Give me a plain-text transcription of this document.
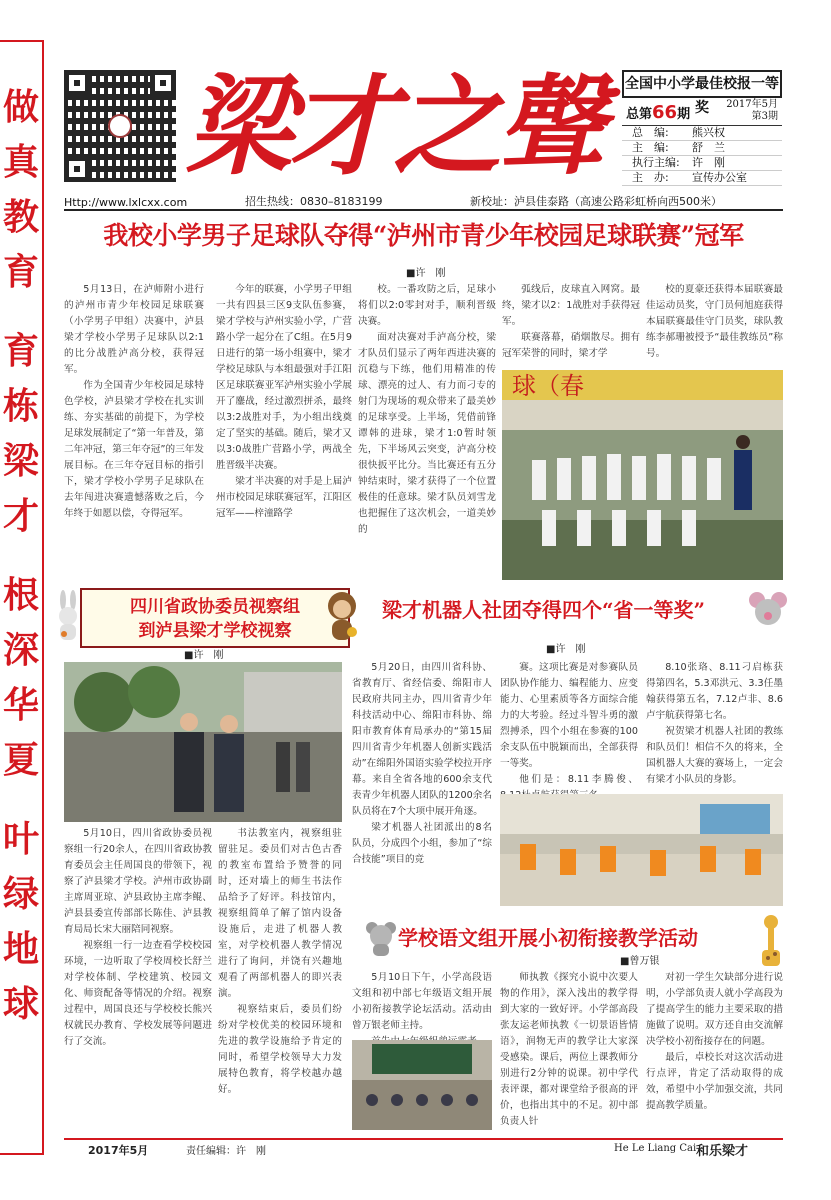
做
真
教
育
育
栋
梁
才
根
深
华
夏
叶
绿
地
球
Http://www.lxlcxx.com
梁才之聲	全国中小学最佳校报一等奖
总第66期
2017年5月
第3期
总　编:	熊兴权
主　编:	舒　兰
执行主编:	许　刚
主　办:	宣传办公室
招生热线：0830–8183199	新校址：泸县佳泰路（高速公路彩虹桥向西500米）
我校小学男子足球队夺得“泸州市青少年校园足球联赛”冠军
■许　刚

5月13日，在泸师附小进行的泸州市青少年校园足球联赛（小学男子甲组）决赛中，泸县梁才学校小学男子足球队以2:1的比分战胜泸高分校，获得冠军。

作为全国青少年校园足球特色学校，泸县梁才学校在扎实训练、夯实基础的前提下，为学校足球发展制定了“第一年普及，第二年冲冠，第三年夺冠”的三年发展目标。在三年夺冠目标的指引下，梁才学校小学男子足球队在去年闯进决赛遗憾落败之后，今年终于如愿以偿，夺得冠军。

今年的联赛，小学男子甲组一共有四县三区9支队伍参赛，梁才学校与泸州实验小学，广营路小学一起分在了C组。在5月9日进行的第一场小组赛中，梁才学校足球队与本组最强对手江阳区足球联赛亚军泸州实验小学展开了鏖战，经过激烈拼杀，最终以3:2战胜对手，为小组出线奠定了坚实的基础。随后，梁才又以3:0战胜广营路小学，两战全胜晋级半决赛。

梁才半决赛的对手是上届泸州市校园足球联赛冠军，江阳区冠军——梓潼路学

校。一番攻防之后，足球小将们以2:0零封对手，顺利晋级决赛。

面对决赛对手泸高分校，梁才队员们显示了两年西进决赛的沉稳与下练，他们用精准的传球、漂亮的过人、有力而刁专的射门为现场的观众带来了最美妙的足球享受。上半场，凭借前锋谭韩的进球，梁才1:0暂时领先，下半场风云突变，泸高分校很快扳平比分。当比赛还有五分钟结束时，梁才获得了一个位置极佳的任意球。梁才队员刘雪龙也把握住了这次机会，一道美妙的

弧线后，皮球直入网窝。最终，梁才以2：1战胜对手获得冠军。

联赛落幕，硝烟散尽。拥有冠军荣誉的同时，梁才学

校的夏豪还获得本届联赛最佳运动员奖，守门员何旭庭获得本届联赛最佳守门员奖，球队教练李郝珊被授予“最佳教练员”称号。

球（春
四川省政协委员视察组
到泸县梁才学校视察
■许　刚

5月10日，四川省政协委员视察组一行20余人，在四川省政协教育委员会主任周国良的带领下，视察了泸县梁才学校。泸州市政协副主席周亚琼、泸县政协主席李鲲、泸县县委宣传部部长陈佳、泸县教育局局长宋大丽陪同视察。

视察组一行一边查看学校校园环境，一边听取了学校周校长舒兰对学校体制、学校建筑、校园文化、师资配备等情况的介绍。视察过程中，周国良还与学校校长熊兴权就民办教育、学校发展等问题进行了交流。

书法教室内，视察组驻留驻足。委员们对古色古香的教室布置给予赞誉的同时，还对墙上的师生书法作品给予了好评。科技馆内，视察组简单了解了馆内设备设施后，走进了机器人教室，对学校机器人教学情况进行了询问，并饶有兴趣地观看了两部机器人的即兴表演。

视察结束后，委员们纷纷对学校优美的校园环境和先进的教学设施给予肯定的同时，希望学校领导大力发展特色教育，将学校越办越好。

梁才机器人社团夺得四个“省一等奖”
■许　刚

5月20日，由四川省科协、省教育厅、省经信委、绵阳市人民政府共同主办，四川省青少年科技活动中心、绵阳市科协、绵阳市教育体育局承办的“第15届四川省青少年机器人创新实践活动”在绵阳外国语实验学校拉开序幕。来自全省各地的600余支代表青少年机器人团队的1200余名队员将在7个大项中展开角逐。

梁才机器人社团派出的8名队员，分成四个小组，参加了“综合技能”项目的竞

赛。这项比赛是对参赛队员团队协作能力、编程能力、应变能力、心里素质等各方面综合能力的大考验。经过斗智斗勇的激烈搏杀，四个小组在参赛的100余支队伍中脱颖而出，全部获得一等奖。

他们是：8.11李腾俊、

8.10张珞、8.11刁启栋获得第四名，5.3邓洪元、3.3任墨翰获得第五名，7.12卢非、8.6卢宇航获得第七名。

祝贺梁才机器人社团的教练和队员们！相信不久的将来，全国机器人大赛的赛场上，一定会有梁才小队员的身影。

学校语文组开展小初衔接教学活动
■曾万银

5月10日下午，小学高段语文组和初中部七年级语文组开展小初衔接教学论坛活动。活动由曾万银老师主持。

师执教《探究小说中次要人物的作用》，深入浅出的教学得到大家的一致好评。小学部高段张友运老师执教《一切景语皆情语》，润物无声的教学让大家深受感染。课后，两位上课教师分别进行2分钟的说课。初中学代表评课，都对课堂给予很高的评价，也指出其中的不足。初中部负责人针

对初一学生欠缺部分进行说明，小学部负责人就小学高段为了提高学生的能力主要采取的措施做了说明。双方还自由交流解决学校小初衔接存在的问题。

最后，卓校长对这次活动进行点评，肯定了活动取得的成效，希望中小学加强交流，共同提高教学质量。

2017年5月	责任编辑：许　刚	He Le Liang Cai 和乐梁才
